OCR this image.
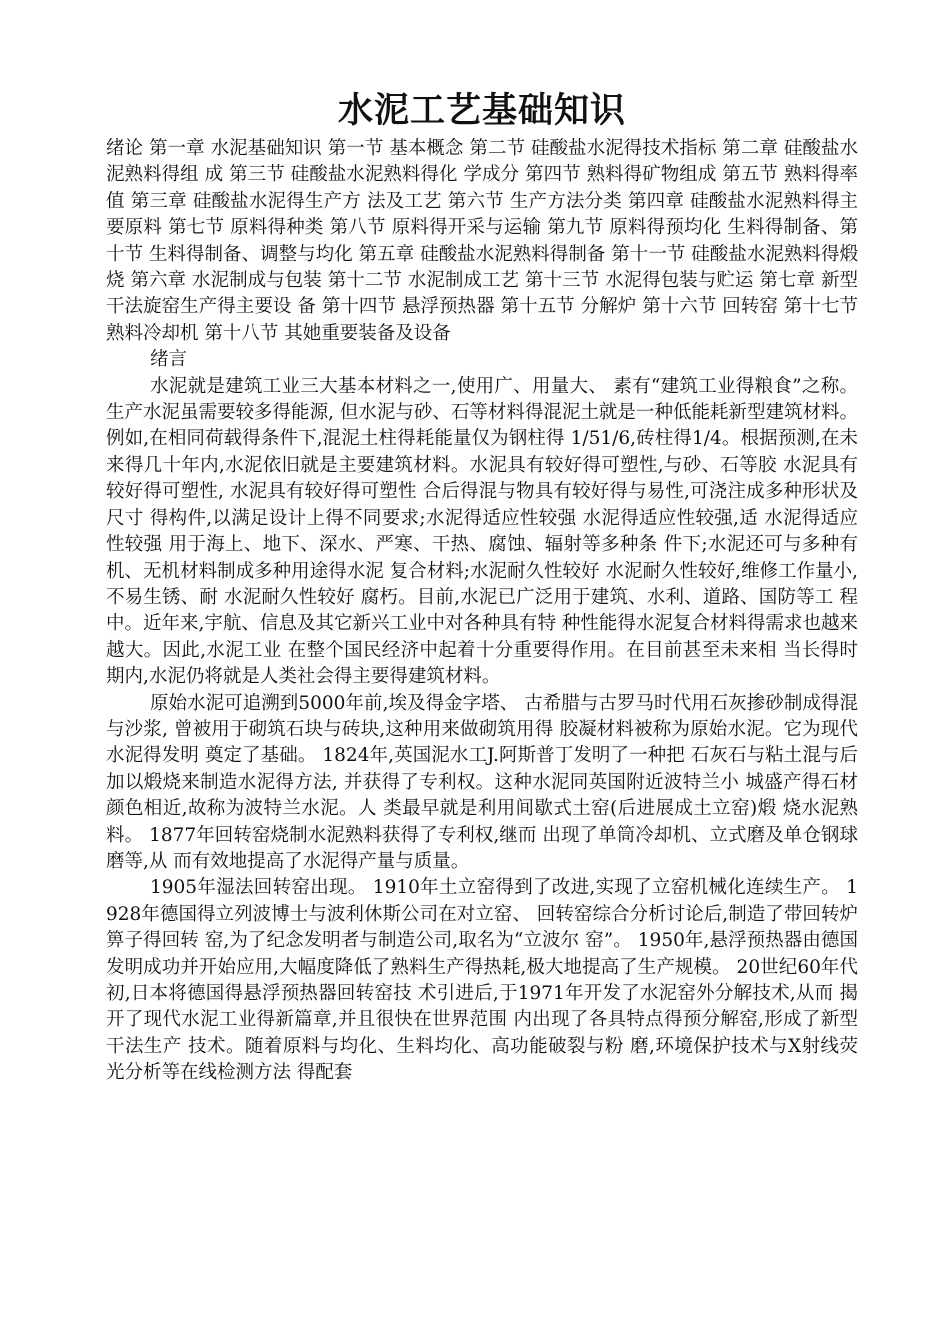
水泥工艺基础知识

绪论 第一章 水泥基础知识 第一节 基本概念 第二节 硅酸盐水泥得技术指标 第二章 硅酸盐水泥熟料得组 成 第三节 硅酸盐水泥熟料得化 学成分 第四节 熟料得矿物组成 第五节 熟料得率值 第三章 硅酸盐水泥得生产方 法及工艺 第六节 生产方法分类 第四章 硅酸盐水泥熟料得主 要原料 第七节 原料得种类 第八节 原料得开采与运输 第九节 原料得预均化 生料得制备、第十节 生料得制备、调整与均化 第五章 硅酸盐水泥熟料得制备 第十一节 硅酸盐水泥熟料得煅烧 第六章 水泥制成与包装 第十二节 水泥制成工艺 第十三节 水泥得包装与贮运 第七章 新型干法旋窑生产得主要设 备 第十四节 悬浮预热器 第十五节 分解炉 第十六节 回转窑 第十七节 熟料冷却机 第十八节 其她重要装备及设备

绪言

水泥就是建筑工业三大基本材料之一,使用广、用量大、 素有“建筑工业得粮食”之称。生产水泥虽需要较多得能源, 但水泥与砂、石等材料得混泥土就是一种低能耗新型建筑材料。 例如,在相同荷载得条件下,混泥土柱得耗能量仅为钢柱得 1/51/6,砖柱得1/4。根据预测,在未来得几十年内,水泥依旧就是主要建筑材料。水泥具有较好得可塑性,与砂、石等胶 水泥具有较好得可塑性, 水泥具有较好得可塑性 合后得混与物具有较好得与易性,可浇注成多种形状及尺寸 得构件,以满足设计上得不同要求;水泥得适应性较强 水泥得适应性较强,适 水泥得适应性较强 用于海上、地下、深水、严寒、干热、腐蚀、辐射等多种条 件下;水泥还可与多种有机、无机材料制成多种用途得水泥 复合材料;水泥耐久性较好 水泥耐久性较好,维修工作量小,不易生锈、耐 水泥耐久性较好 腐朽。目前,水泥已广泛用于建筑、水利、道路、国防等工 程中。近年来,宇航、信息及其它新兴工业中对各种具有特 种性能得水泥复合材料得需求也越来越大。因此,水泥工业 在整个国民经济中起着十分重要得作用。在目前甚至未来相 当长得时期内,水泥仍将就是人类社会得主要得建筑材料。

原始水泥可追溯到5000年前,埃及得金字塔、 古希腊与古罗马时代用石灰掺砂制成得混与沙浆, 曾被用于砌筑石块与砖块,这种用来做砌筑用得 胶凝材料被称为原始水泥。它为现代水泥得发明 奠定了基础。 1824年,英国泥水工J.阿斯普丁发明了一种把 石灰石与粘土混与后加以煅烧来制造水泥得方法, 并获得了专利权。这种水泥同英国附近波特兰小 城盛产得石材颜色相近,故称为波特兰水泥。人 类最早就是利用间歇式土窑(后进展成土立窑)煅 烧水泥熟料。 1877年回转窑烧制水泥熟料获得了专利权,继而 出现了单筒冷却机、立式磨及单仓钢球磨等,从 而有效地提高了水泥得产量与质量。

1905年湿法回转窑出现。 1910年土立窑得到了改进,实现了立窑机械化连续生产。 1928年德国得立列波博士与波利休斯公司在对立窑、 回转窑综合分析讨论后,制造了带回转炉箅子得回转 窑,为了纪念发明者与制造公司,取名为“立波尔 窑”。 1950年,悬浮预热器由德国发明成功并开始应用,大幅度降低了熟料生产得热耗,极大地提高了生产规模。 20世纪60年代初,日本将德国得悬浮预热器回转窑技 术引进后,于1971年开发了水泥窑外分解技术,从而 揭开了现代水泥工业得新篇章,并且很快在世界范围 内出现了各具特点得预分解窑,形成了新型干法生产 技术。随着原料与均化、生料均化、高功能破裂与粉 磨,环境保护技术与X射线荧光分析等在线检测方法 得配套
